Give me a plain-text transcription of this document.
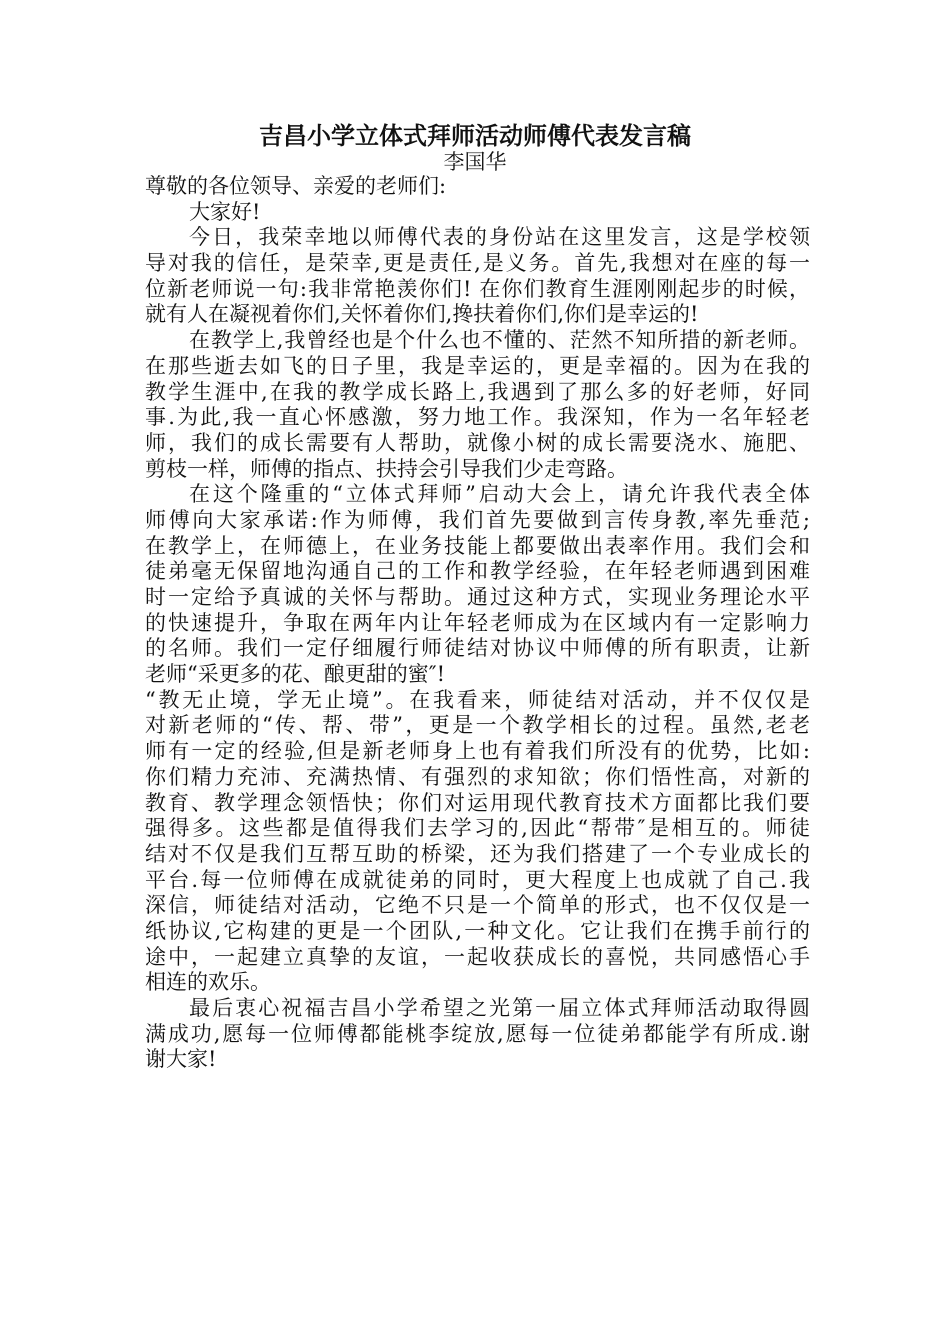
吉昌小学立体式拜师活动师傅代表发言稿

李国华

尊敬的各位领导、亲爱的老师们:
大家好!
今日，我荣幸地以师傅代表的身份站在这里发言，这是学校领
导对我的信任，是荣幸,更是责任,是义务。首先,我想对在座的每一
位新老师说一句:我非常艳羡你们! 在你们教育生涯刚刚起步的时候，
就有人在凝视着你们,关怀着你们,搀扶着你们,你们是幸运的!
在教学上,我曾经也是个什么也不懂的、茫然不知所措的新老师。
在那些逝去如飞的日子里，我是幸运的，更是幸福的。因为在我的
教学生涯中,在我的教学成长路上,我遇到了那么多的好老师，好同
事.为此,我一直心怀感激，努力地工作。我深知，作为一名年轻老
师，我们的成长需要有人帮助，就像小树的成长需要浇水、施肥、
剪枝一样，师傅的指点、扶持会引导我们少走弯路。
在这个隆重的“立体式拜师”启动大会上，请允许我代表全体
师傅向大家承诺:作为师傅，我们首先要做到言传身教,率先垂范;
在教学上，在师德上，在业务技能上都要做出表率作用。我们会和
徒弟毫无保留地沟通自己的工作和教学经验，在年轻老师遇到困难
时一定给予真诚的关怀与帮助。通过这种方式，实现业务理论水平
的快速提升，争取在两年内让年轻老师成为在区域内有一定影响力
的名师。我们一定仔细履行师徒结对协议中师傅的所有职责，让新
老师“采更多的花、酿更甜的蜜″!
“教无止境，学无止境”。在我看来，师徒结对活动，并不仅仅是
对新老师的“传、帮、带”，更是一个教学相长的过程。虽然,老老
师有一定的经验,但是新老师身上也有着我们所没有的优势，比如:
你们精力充沛、充满热情、有强烈的求知欲；你们悟性高，对新的
教育、教学理念领悟快；你们对运用现代教育技术方面都比我们要
强得多。这些都是值得我们去学习的,因此“帮带″是相互的。师徒
结对不仅是我们互帮互助的桥梁，还为我们搭建了一个专业成长的
平台.每一位师傅在成就徒弟的同时，更大程度上也成就了自己.我
深信，师徒结对活动，它绝不只是一个简单的形式，也不仅仅是一
纸协议,它构建的更是一个团队,一种文化。它让我们在携手前行的
途中，一起建立真挚的友谊，一起收获成长的喜悦，共同感悟心手
相连的欢乐。
最后衷心祝福吉昌小学希望之光第一届立体式拜师活动取得圆
满成功,愿每一位师傅都能桃李绽放,愿每一位徒弟都能学有所成.谢
谢大家!
